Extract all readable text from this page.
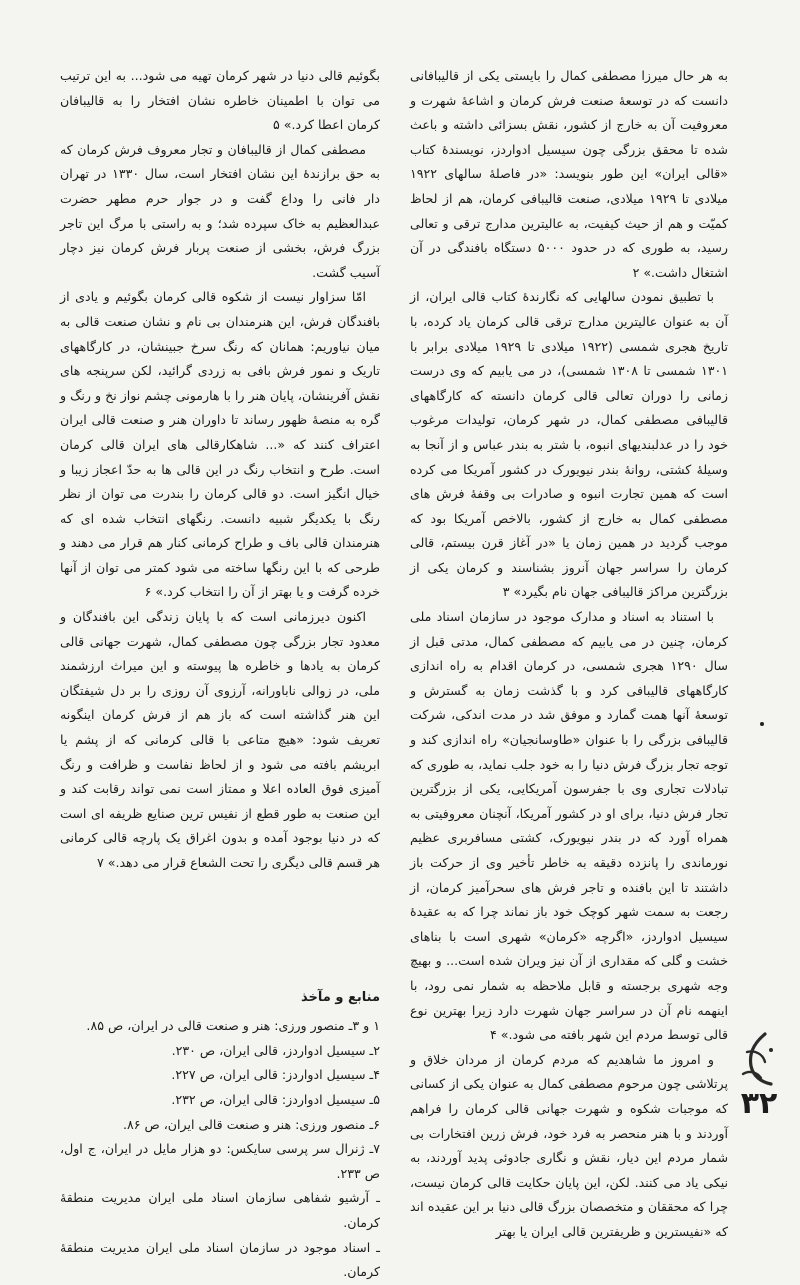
به هر حال میرزا مصطفی کمال را بایستی یکی از قالیبافانی دانست که در توسعهٔ صنعت فرش کرمان و اشاعهٔ شهرت و معروفیت آن به خارج از کشور، نقش بسزائی داشته و باعث شده تا محقق بزرگی چون سیسیل ادواردز، نویسندهٔ کتاب «قالی ایران» این طور بنویسد: «در فاصلهٔ سالهای ۱۹۲۲ میلادی تا ۱۹۲۹ میلادی، صنعت قالیبافی کرمان، هم از لحاظ کمیّت و هم از حیث کیفیت، به عالیترین مدارج ترقی و تعالی رسید، به طوری که در حدود ۵۰۰۰ دستگاه بافندگی در آن اشتغال داشت.» ۲

با تطبیق نمودن سالهایی که نگارندهٔ کتاب قالی ایران، از آن به عنوان عالیترین مدارج ترقی قالی کرمان یاد کرده، با تاریخ هجری شمسی (۱۹۲۲ میلادی تا ۱۹۲۹ میلادی برابر با ۱۳۰۱ شمسی تا ۱۳۰۸ شمسی)، در می یابیم که وی درست زمانی را دوران تعالی قالی کرمان دانسته که کارگاههای قالیبافی مصطفی کمال، در شهر کرمان، تولیدات مرغوب خود را در عدلبندیهای انبوه، با شتر به بندر عباس و از آنجا به وسیلهٔ کشتی، روانهٔ بندر نیویورک در کشور آمریکا می کرده است که همین تجارت انبوه و صادرات بی وقفهٔ فرش های مصطفی کمال به خارج از کشور، بالاخص آمریکا بود که موجب گردید در همین زمان یا «در آغاز قرن بیستم، قالی کرمان را سراسر جهان آنروز بشناسند و کرمان یکی از بزرگترین مراکز قالیبافی جهان نام بگیرد» ۳

با استناد به اسناد و مدارک موجود در سازمان اسناد ملی کرمان، چنین در می یابیم که مصطفی کمال، مدتی قبل از سال ۱۲۹۰ هجری شمسی، در کرمان اقدام به راه اندازی کارگاههای قالیبافی کرد و با گذشت زمان به گسترش و توسعهٔ آنها همت گمارد و موفق شد در مدت اندکی، شرکت قالیبافی بزرگی را با عنوان «طاوسانجیان» راه اندازی کند و توجه تجار بزرگ فرش دنیا را به خود جلب نماید، به طوری که تبادلات تجاری وی با جفرسون آمریکایی، یکی از بزرگترین تجار فرش دنیا، برای او در کشور آمریکا، آنچنان معروفیتی به همراه آورد که در بندر نیویورک، کشتی مسافربری عظیم نورماندی را پانزده دقیقه به خاطر تأخیر وی از حرکت باز داشتند تا این بافنده و تاجر فرش های سحرآمیز کرمان، از رجعت به سمت شهر کوچک خود باز نماند چرا که به عقیدهٔ سیسیل ادواردز، «اگرچه «کرمان» شهری است با بناهای خشت و گلی که مقداری از آن نیز ویران شده است... و بهیچ وجه شهری برجسته و قابل ملاحظه به شمار نمی رود، با اینهمه نام آن در سراسر جهان شهرت دارد زیرا بهترین نوع قالی توسط مردم این شهر بافته می شود.» ۴

و امروز ما شاهدیم که مردم کرمان از مردان خلاق و پرتلاشی چون مرحوم مصطفی کمال به عنوان یکی از کسانی که موجبات شکوه و شهرت جهانی قالی کرمان را فراهم آوردند و با هنر منحصر به فرد خود، فرش زرین افتخارات بی شمار مردم این دیار، نقش و نگاری جادوئی پدید آوردند، به نیکی یاد می کنند. لکن، این پایان حکایت قالی کرمان نیست، چرا که محققان و متخصصان بزرگ قالی دنیا بر این عقیده اند که «نفیسترین و ظریفترین قالی ایران یا بهتر

بگوئیم قالی دنیا در شهر کرمان تهیه می شود... به این ترتیب می توان با اطمینان خاطره نشان افتخار را به قالیبافان کرمان اعطا کرد.» ۵

مصطفی کمال از قالیبافان و تجار معروف فرش کرمان که به حق برازندهٔ این نشان افتخار است، سال ۱۳۳۰ در تهران دار فانی را وداع گفت و در جوار حرم مطهر حضرت عبدالعظیم به خاک سپرده شد؛ و به راستی با مرگ این تاجر بزرگ فرش، بخشی از صنعت پربار فرش کرمان نیز دچار آسیب گشت.

امّا سزاوار نیست از شکوه قالی کرمان بگوئیم و یادی از بافندگان فرش، این هنرمندان بی نام و نشان صنعت قالی به میان نیاوریم: همانان که رنگ سرخ جبینشان، در کارگاههای تاریک و نمور فرش بافی به زردی گرائید، لکن سرپنجه های نقش آفرینشان، پایان هنر را با هارمونی چشم نواز نخ و رنگ و گره به منصهٔ ظهور رساند تا داوران هنر و صنعت قالی ایران اعتراف کنند که «... شاهکارقالی های ایران قالی کرمان است. طرح و انتخاب رنگ در این قالی ها به حدّ اعجاز زیبا و خیال انگیز است. دو قالی کرمان را بندرت می توان از نظر رنگ با یکدیگر شبیه دانست. رنگهای انتخاب شده ای که هنرمندان قالی باف و طراح کرمانی کنار هم قرار می دهند و طرحی که با این رنگها ساخته می شود کمتر می توان از آنها خرده گرفت و یا بهتر از آن را انتخاب کرد.» ۶

اکنون دیرزمانی است که با پایان زندگی این بافندگان و معدود تجار بزرگی چون مصطفی کمال، شهرت جهانی قالی کرمان به یادها و خاطره ها پیوسته و این میراث ارزشمند ملی، در زوالی ناباورانه، آرزوی آن روزی را بر دل شیفتگان این هنر گذاشته است که باز هم از فرش کرمان اینگونه تعریف شود: «هیچ متاعی با قالی کرمانی که از پشم یا ابریشم بافته می شود و از لحاظ نفاست و ظرافت و رنگ آمیزی فوق العاده اعلا و ممتاز است نمی تواند رقابت کند و این صنعت به طور قطع از نفیس ترین صنایع ظریفه ای است که در دنیا بوجود آمده و بدون اغراق یک پارچه قالی کرمانی هر قسم قالی دیگری را تحت الشعاع قرار می دهد.» ۷

منابع و مآخذ
۱ و ۳ـ منصور ورزی: هنر و صنعت قالی در ایران، ص ۸۵.
۲ـ سیسیل ادواردز، قالی ایران، ص ۲۳۰.
۴ـ سیسیل ادواردز: قالی ایران، ص ۲۲۷.
۵ـ سیسیل ادواردز: قالی ایران، ص ۲۳۲.
۶ـ منصور ورزی: هنر و صنعت قالی ایران، ص ۸۶.
۷ـ ژنرال سر پرسی سایکس: دو هزار مایل در ایران، ج اول، ص ۲۳۳.
ـ آرشیو شفاهی سازمان اسناد ملی ایران مدیریت منطقهٔ کرمان.
ـ اسناد موجود در سازمان اسناد ملی ایران مدیریت منطقهٔ کرمان.
۳۲
